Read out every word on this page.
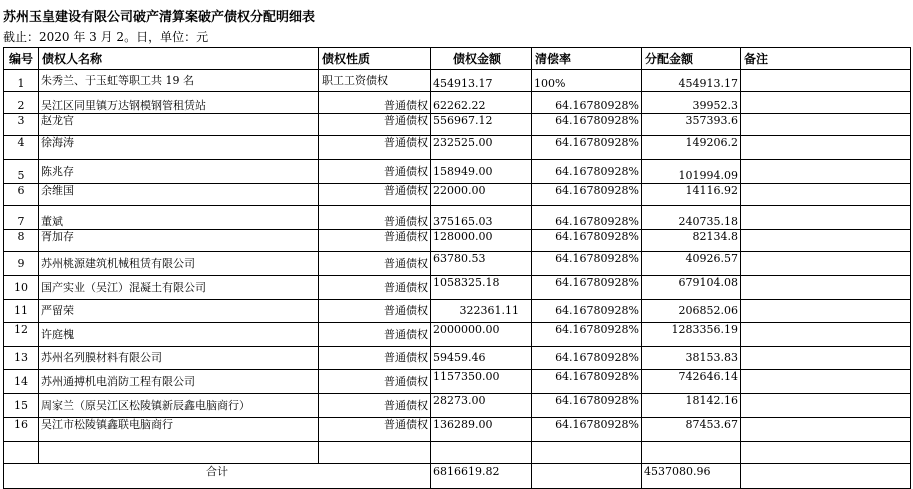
苏州玉皇建设有限公司破产清算案破产债权分配明细表
截止：2020 年 3 月 2。日，单位：元
编号	债权人名称	债权性质	债权金额	清偿率	分配金额	备注
1	朱秀兰、于玉虹等职工共 19 名	职工工资债权	454913.17	100%	454913.17	
2	吴江区同里镇万达钢模钢管租赁站	普通债权	62262.22	64.16780928%	39952.3	
3	赵龙官	普通债权	556967.12	64.16780928%	357393.6	
4	徐海涛	普通债权	232525.00	64.16780928%	149206.2	
5	陈兆存	普通债权	158949.00	64.16780928%	101994.09	
6	余维国	普通债权	22000.00	64.16780928%	14116.92	
7	董斌	普通债权	375165.03	64.16780928%	240735.18	
8	胥加存	普通债权	128000.00	64.16780928%	82134.8	
9	苏州桃源建筑机械租赁有限公司	普通债权	63780.53	64.16780928%	40926.57	
10	国产实业（吴江）混凝土有限公司	普通债权	1058325.18	64.16780928%	679104.08	
11	严留荣	普通债权	322361.11	64.16780928%	206852.06	
12	许庭槐	普通债权	2000000.00	64.16780928%	1283356.19	
13	苏州名列膜材料有限公司	普通债权	59459.46	64.16780928%	38153.83	
14	苏州通搏机电消防工程有限公司	普通债权	1157350.00	64.16780928%	742646.14	
15	周家兰（原吴江区松陵镇新辰鑫电脑商行）	普通债权	28273.00	64.16780928%	18142.16	
16	吴江市松陵镇鑫联电脑商行	普通债权	136289.00	64.16780928%	87453.67	

合计			6816619.82		4537080.96	
